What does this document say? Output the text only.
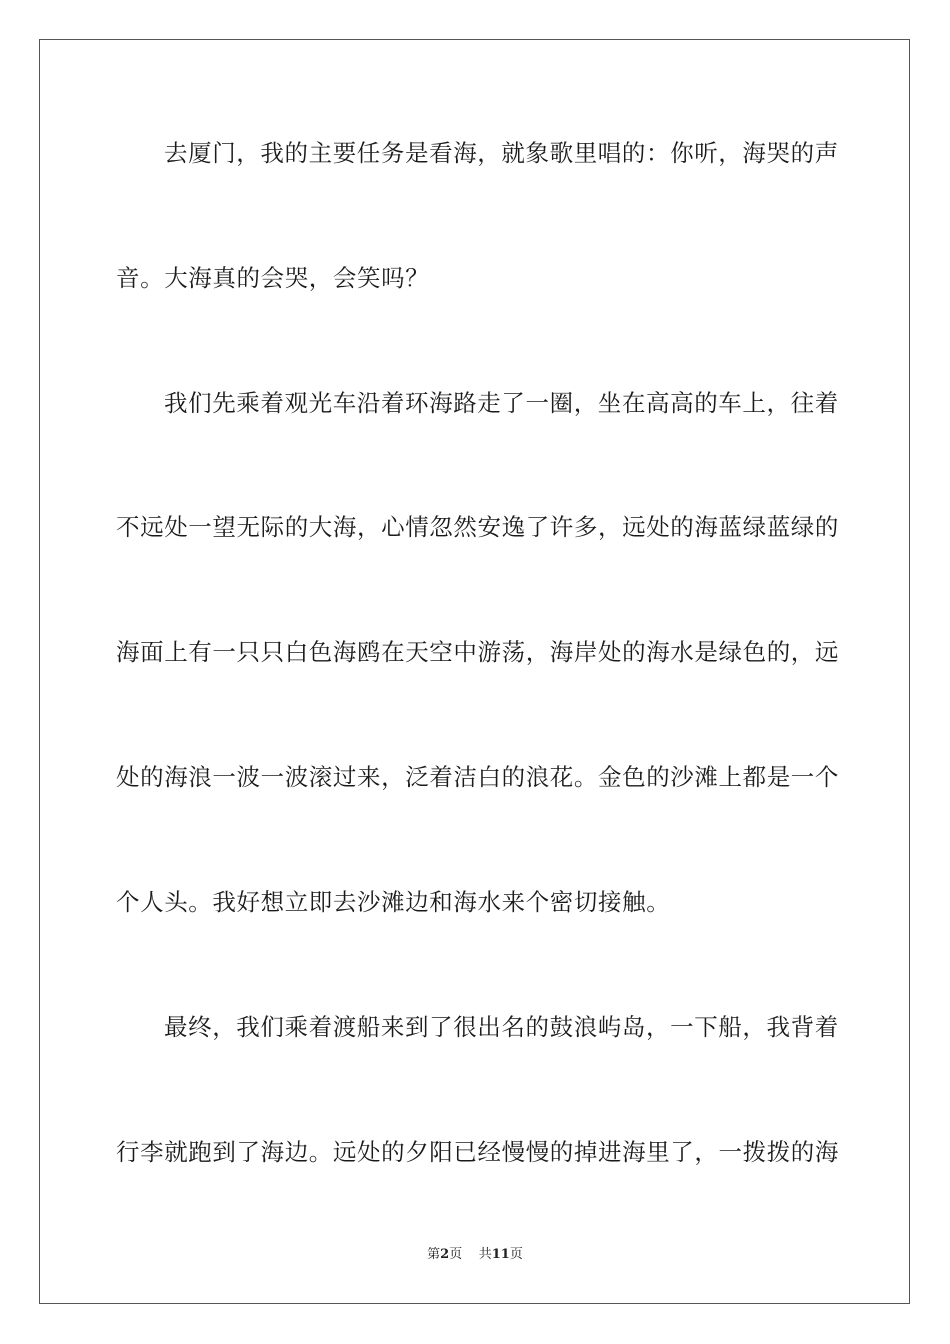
去厦门，我的主要任务是看海，就象歌里唱的：你听，海哭的声
音。大海真的会哭，会笑吗？
我们先乘着观光车沿着环海路走了一圈，坐在高高的车上，往着
不远处一望无际的大海，心情忽然安逸了许多，远处的海蓝绿蓝绿的
海面上有一只只白色海鸥在天空中游荡，海岸处的海水是绿色的，远
处的海浪一波一波滚过来，泛着洁白的浪花。金色的沙滩上都是一个
个人头。我好想立即去沙滩边和海水来个密切接触。
最终，我们乘着渡船来到了很出名的鼓浪屿岛，一下船，我背着
行李就跑到了海边。远处的夕阳已经慢慢的掉进海里了，一拨拨的海
第2页 共11页
